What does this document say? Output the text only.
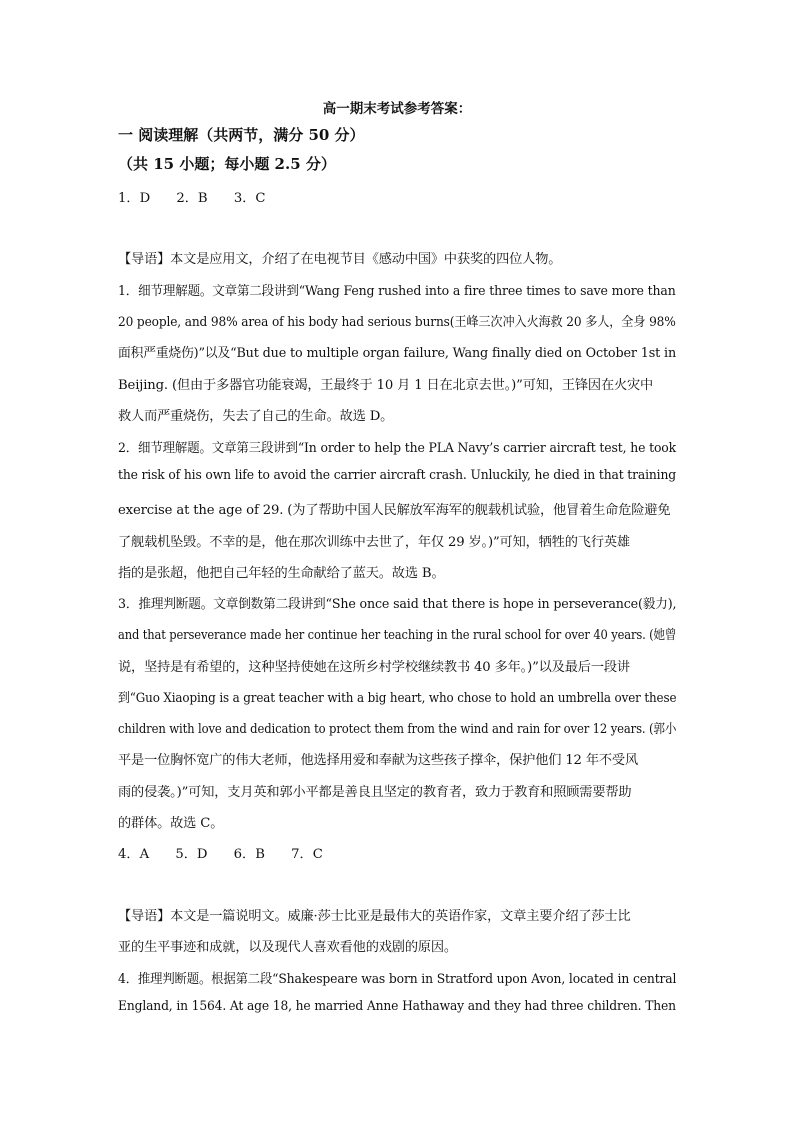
高一期末考试参考答案：
一 阅读理解（共两节，满分 50 分）
（共 15 小题；每小题 2.5 分）
1．D 2．B 3．C
【导语】本文是应用文，介绍了在电视节目《感动中国》中获奖的四位人物。
1．细节理解题。文章第二段讲到“Wang Feng rushed into a fire three times to save more than
20 people, and 98% area of his body had serious burns(王峰三次冲入火海救 20 多人，全身 98%
面积严重烧伤)”以及“But due to multiple organ failure, Wang finally died on October 1st in
Beijing. (但由于多器官功能衰竭，王最终于 10 月 1 日在北京去世。)”可知，王锋因在火灾中
救人而严重烧伤，失去了自己的生命。故选 D。
2．细节理解题。文章第三段讲到“In order to help the PLA Navy’s carrier aircraft test, he took
the risk of his own life to avoid the carrier aircraft crash. Unluckily, he died in that training
exercise at the age of 29. (为了帮助中国人民解放军海军的舰载机试验，他冒着生命危险避免
了舰载机坠毁。不幸的是，他在那次训练中去世了，年仅 29 岁。)”可知，牺牲的飞行英雄
指的是张超，他把自己年轻的生命献给了蓝天。故选 B。
3．推理判断题。文章倒数第二段讲到“She once said that there is hope in perseverance(毅力),
and that perseverance made her continue her teaching in the rural school for over 40 years. (她曾
说，坚持是有希望的，这种坚持使她在这所乡村学校继续教书 40 多年。)”以及最后一段讲
到“Guo Xiaoping is a great teacher with a big heart, who chose to hold an umbrella over these
children with love and dedication to protect them from the wind and rain for over 12 years. (郭小
平是一位胸怀宽广的伟大老师，他选择用爱和奉献为这些孩子撑伞，保护他们 12 年不受风
雨的侵袭。)”可知，支月英和郭小平都是善良且坚定的教育者，致力于教育和照顾需要帮助
的群体。故选 C。
4．A 5．D 6．B 7．C
【导语】本文是一篇说明文。威廉·莎士比亚是最伟大的英语作家，文章主要介绍了莎士比
亚的生平事迹和成就，以及现代人喜欢看他的戏剧的原因。
4．推理判断题。根据第二段“Shakespeare was born in Stratford upon Avon, located in central
England, in 1564. At age 18, he married Anne Hathaway and they had three children. Then
